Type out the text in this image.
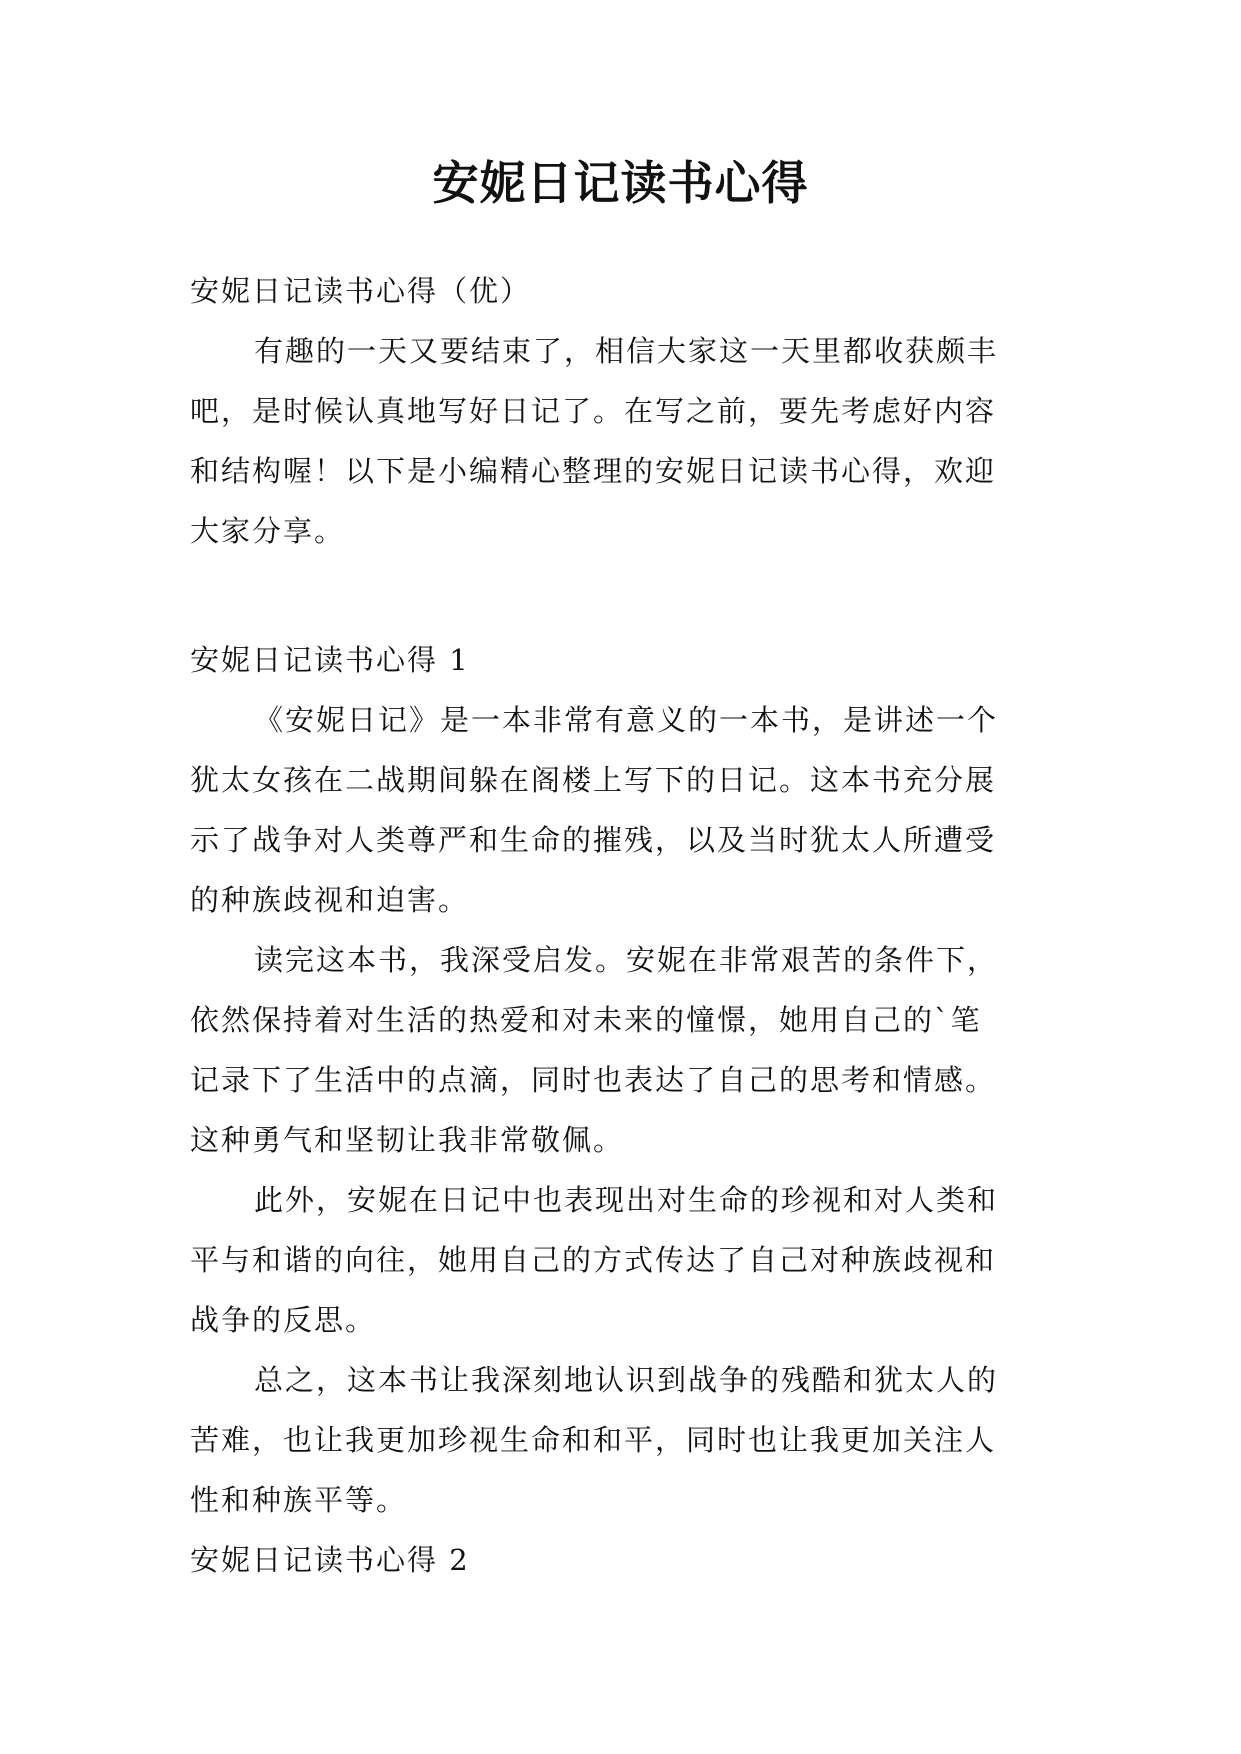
安妮日记读书心得
安妮日记读书心得（优）
有趣的一天又要结束了，相信大家这一天里都收获颇丰
吧，是时候认真地写好日记了。在写之前，要先考虑好内容
和结构喔！以下是小编精心整理的安妮日记读书心得，欢迎
大家分享。
安妮日记读书心得 1
《安妮日记》是一本非常有意义的一本书，是讲述一个
犹太女孩在二战期间躲在阁楼上写下的日记。这本书充分展
示了战争对人类尊严和生命的摧残，以及当时犹太人所遭受
的种族歧视和迫害。
读完这本书，我深受启发。安妮在非常艰苦的条件下，
依然保持着对生活的热爱和对未来的憧憬，她用自己的`笔
记录下了生活中的点滴，同时也表达了自己的思考和情感。
这种勇气和坚韧让我非常敬佩。
此外，安妮在日记中也表现出对生命的珍视和对人类和
平与和谐的向往，她用自己的方式传达了自己对种族歧视和
战争的反思。
总之，这本书让我深刻地认识到战争的残酷和犹太人的
苦难，也让我更加珍视生命和和平，同时也让我更加关注人
性和种族平等。
安妮日记读书心得 2
